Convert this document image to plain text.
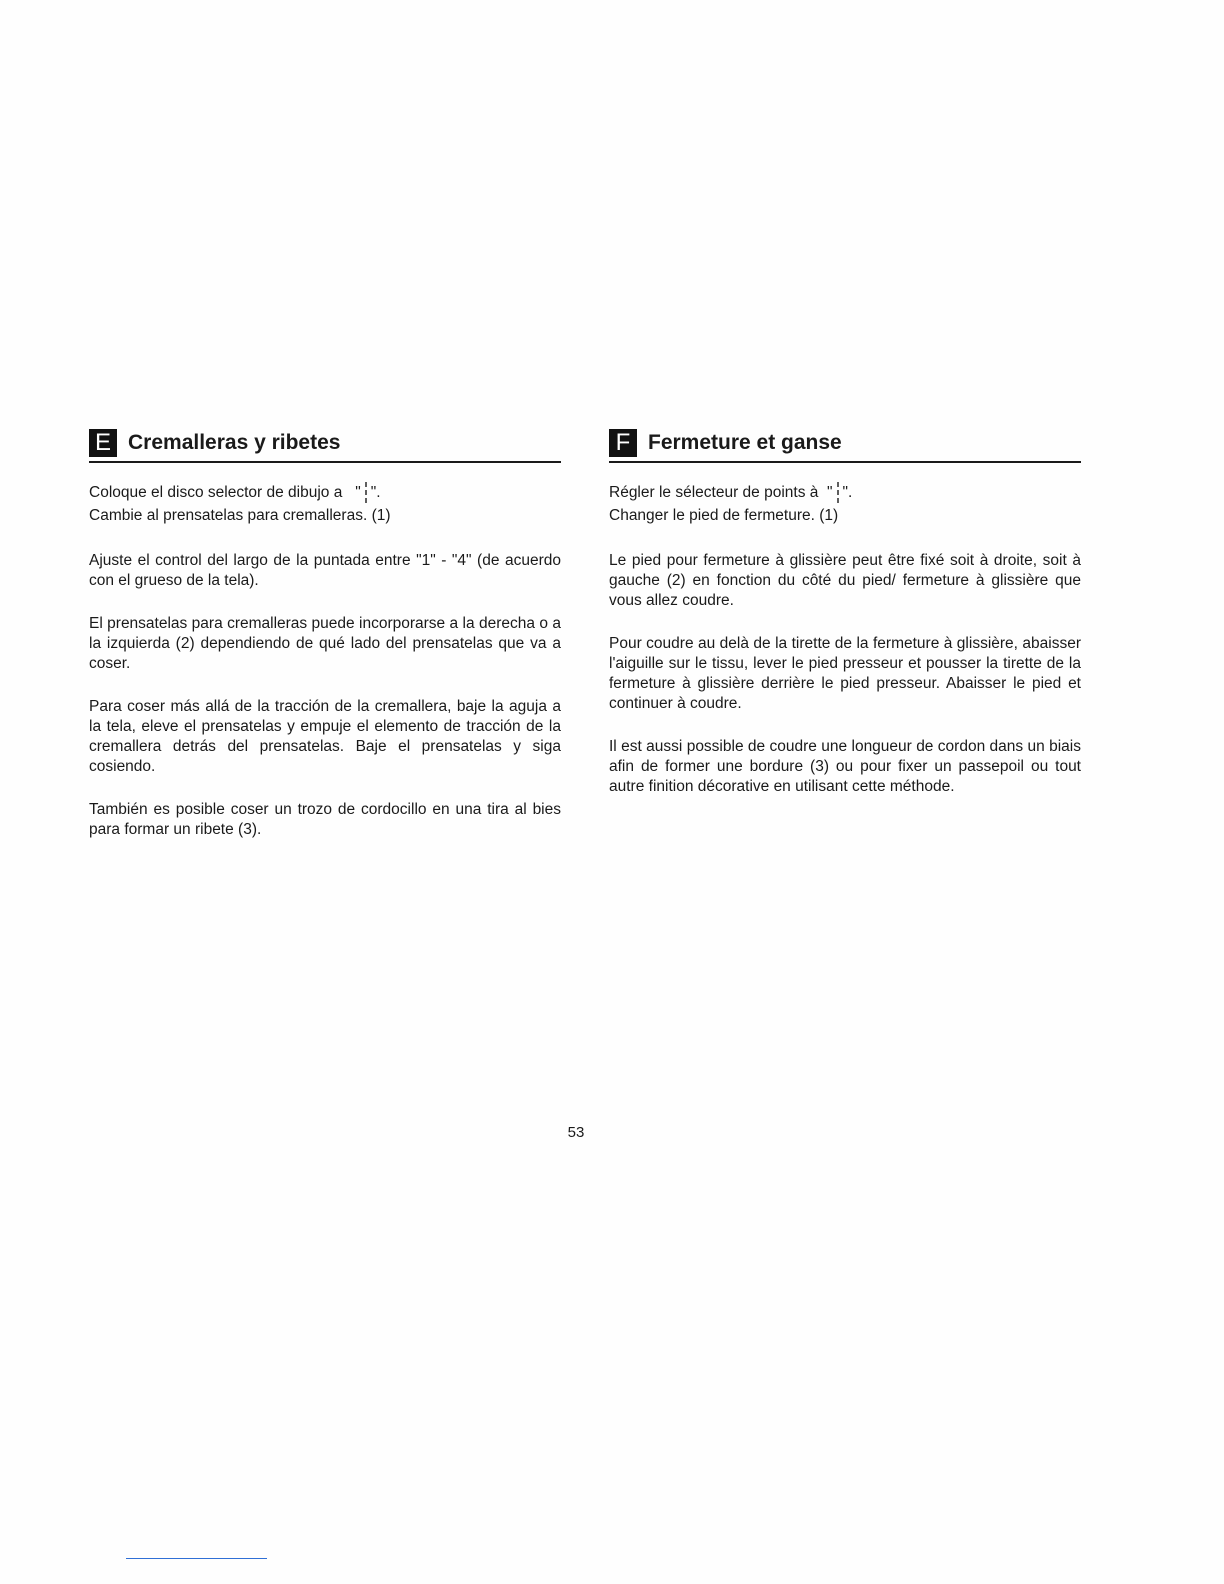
E Cremalleras y ribetes
Coloque el disco selector de dibujo a " ".
Cambie al prensatelas para cremalleras. (1)
Ajuste el control del largo de la puntada entre "1" - "4" (de acuerdo con el grueso de la tela).
El prensatelas para cremalleras puede incorporarse a la derecha o a la izquierda (2) dependiendo de qué lado del prensatelas que va a coser.
Para coser más allá de la tracción de la cremallera, baje la aguja a la tela, eleve el prensatelas y empuje el elemento de tracción de la cremallera detrás del prensatelas. Baje el prensatelas y siga cosiendo.
También es posible coser un trozo de cordocillo en una tira al bies para formar un ribete (3).
F Fermeture et ganse
Régler le sélecteur de points à " ".
Changer le pied de fermeture. (1)
Le pied pour fermeture à glissière peut être fixé soit à droite, soit à gauche (2) en fonction du côté du pied/ fermeture à glissière que vous allez coudre.
Pour coudre au delà de la tirette de la fermeture à glissière, abaisser l'aiguille sur le tissu, lever le pied presseur et pousser la tirette de la fermeture à glissière derrière le pied presseur. Abaisser le pied et continuer à coudre.
Il est aussi possible de coudre une longueur de cordon dans un biais afin de former une bordure (3) ou pour fixer un passepoil ou tout autre finition décorative en utilisant cette méthode.
53
